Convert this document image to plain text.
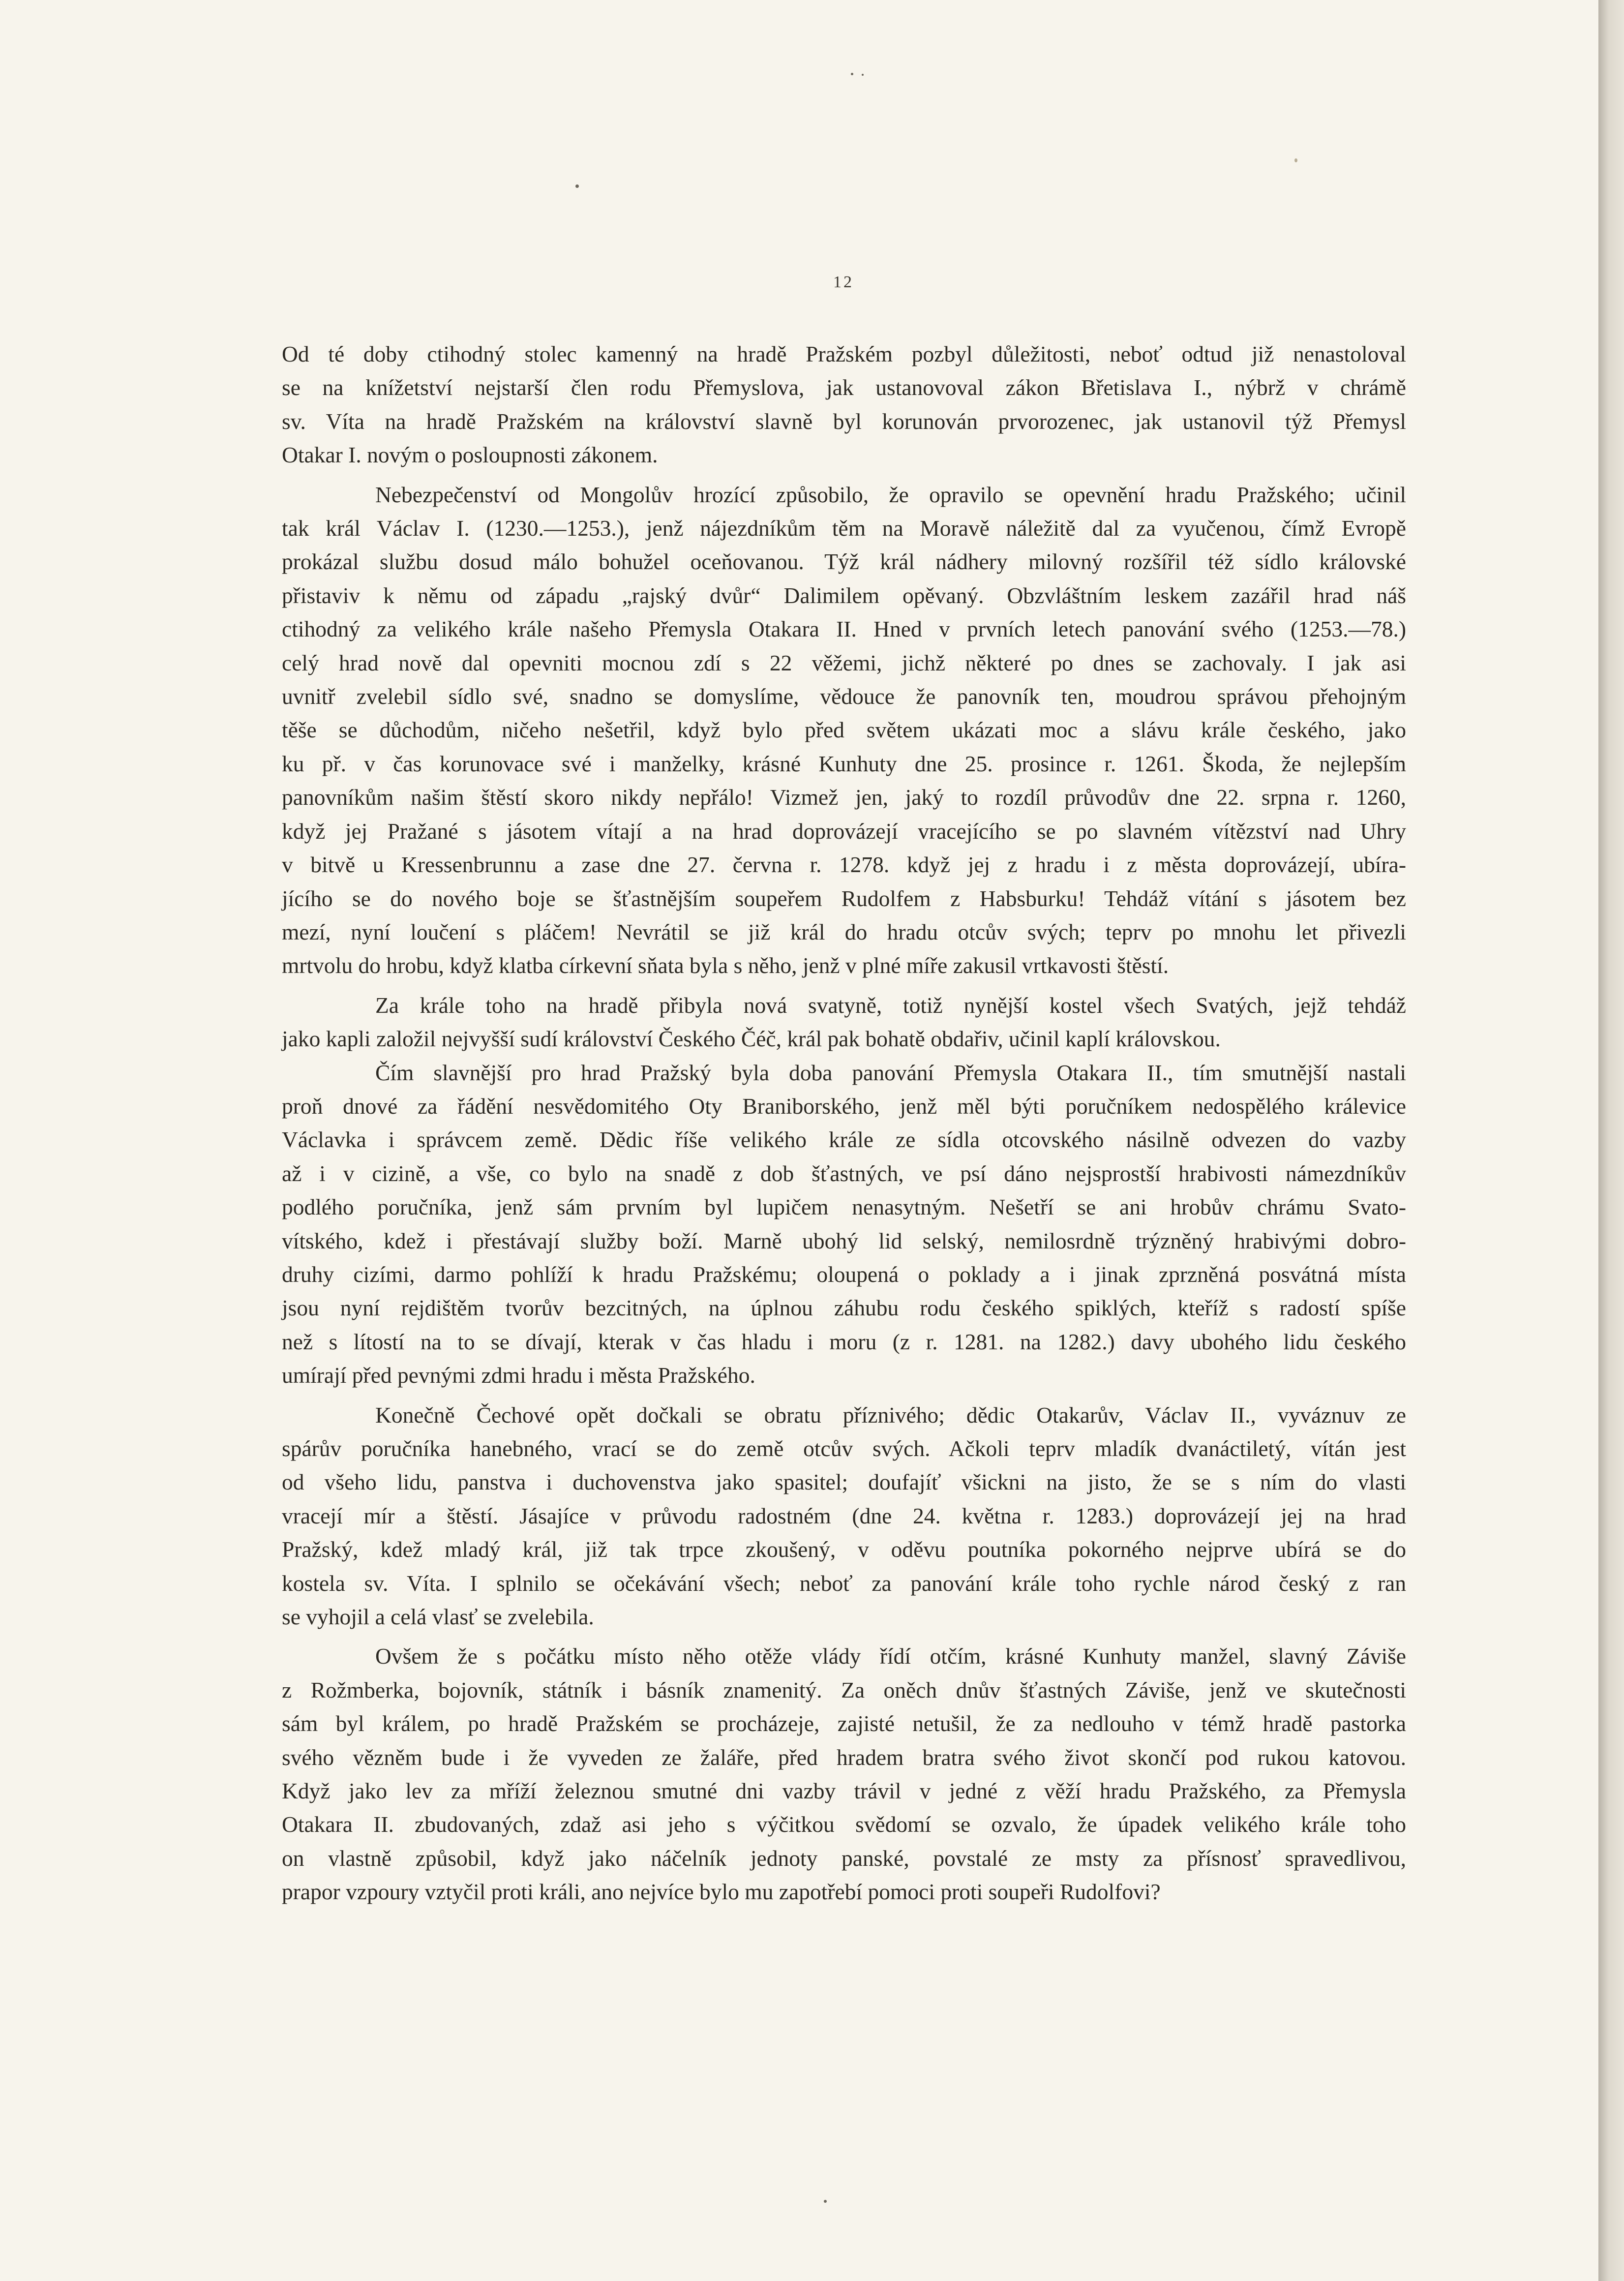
12

Od té doby ctihodný stolec kamenný na hradě Pražském pozbyl důležitosti, neboť odtud již nenastoloval
se na knížetství nejstarší člen rodu Přemyslova, jak ustanovoval zákon Břetislava I., nýbrž v chrámě
sv. Víta na hradě Pražském na království slavně byl korunován prvorozenec, jak ustanovil týž Přemysl
Otakar I. novým o posloupnosti zákonem.

Nebezpečenství od Mongolův hrozící způsobilo, že opravilo se opevnění hradu Pražského; učinil
tak král Václav I. (1230.—1253.), jenž nájezdníkům těm na Moravě náležitě dal za vyučenou, čímž Evropě
prokázal službu dosud málo bohužel oceňovanou. Týž král nádhery milovný rozšířil též sídlo královské
přistaviv k němu od západu „rajský dvůr“ Dalimilem opěvaný. Obzvláštním leskem zazářil hrad náš
ctihodný za velikého krále našeho Přemysla Otakara II. Hned v prvních letech panování svého (1253.—78.)
celý hrad nově dal opevniti mocnou zdí s 22 věžemi, jichž některé po dnes se zachovaly. I jak asi
uvnitř zvelebil sídlo své, snadno se domyslíme, vědouce že panovník ten, moudrou správou přehojným
těše se důchodům, ničeho nešetřil, když bylo před světem ukázati moc a slávu krále českého, jako
ku př. v čas korunovace své i manželky, krásné Kunhuty dne 25. prosince r. 1261. Škoda, že nejlepším
panovníkům našim štěstí skoro nikdy nepřálo! Vizmež jen, jaký to rozdíl průvodův dne 22. srpna r. 1260,
když jej Pražané s jásotem vítají a na hrad doprovázejí vracejícího se po slavném vítězství nad Uhry
v bitvě u Kressenbrunnu a zase dne 27. června r. 1278. když jej z hradu i z města doprovázejí, ubíra-
jícího se do nového boje se šťastnějším soupeřem Rudolfem z Habsburku! Tehdáž vítání s jásotem bez
mezí, nyní loučení s pláčem! Nevrátil se již král do hradu otcův svých; teprv po mnohu let přivezli
mrtvolu do hrobu, když klatba církevní sňata byla s něho, jenž v plné míře zakusil vrtkavosti štěstí.

Za krále toho na hradě přibyla nová svatyně, totiž nynější kostel všech Svatých, jejž tehdáž
jako kapli založil nejvyšší sudí království Českého Čéč, král pak bohatě obdařiv, učinil kaplí královskou.

Čím slavnější pro hrad Pražský byla doba panování Přemysla Otakara II., tím smutnější nastali
proň dnové za řádění nesvědomitého Oty Braniborského, jenž měl býti poručníkem nedospělého králevice
Václavka i správcem země. Dědic říše velikého krále ze sídla otcovského násilně odvezen do vazby
až i v cizině, a vše, co bylo na snadě z dob šťastných, ve psí dáno nejsprostší hrabivosti námezdníkův
podlého poručníka, jenž sám prvním byl lupičem nenasytným. Nešetří se ani hrobův chrámu Svato-
vítského, kdež i přestávají služby boží. Marně ubohý lid selský, nemilosrdně trýzněný hrabivými dobro-
druhy cizími, darmo pohlíží k hradu Pražskému; oloupená o poklady a i jinak zprzněná posvátná místa
jsou nyní rejdištěm tvorův bezcitných, na úplnou záhubu rodu českého spiklých, kteříž s radostí spíše
než s lítostí na to se dívají, kterak v čas hladu i moru (z r. 1281. na 1282.) davy ubohého lidu českého
umírají před pevnými zdmi hradu i města Pražského.

Konečně Čechové opět dočkali se obratu příznivého; dědic Otakarův, Václav II., vyváznuv ze
spárův poručníka hanebného, vrací se do země otcův svých. Ačkoli teprv mladík dvanáctiletý, vítán jest
od všeho lidu, panstva i duchovenstva jako spasitel; doufajíť všickni na jisto, že se s ním do vlasti
vracejí mír a štěstí. Jásajíce v průvodu radostném (dne 24. května r. 1283.) doprovázejí jej na hrad
Pražský, kdež mladý král, již tak trpce zkoušený, v oděvu poutníka pokorného nejprve ubírá se do
kostela sv. Víta. I splnilo se očekávání všech; neboť za panování krále toho rychle národ český z ran
se vyhojil a celá vlasť se zvelebila.

Ovšem že s počátku místo něho otěže vlády řídí otčím, krásné Kunhuty manžel, slavný Záviše
z Rožmberka, bojovník, státník i básník znamenitý. Za oněch dnův šťastných Záviše, jenž ve skutečnosti
sám byl králem, po hradě Pražském se procházeje, zajisté netušil, že za nedlouho v témž hradě pastorka
svého vězněm bude i že vyveden ze žaláře, před hradem bratra svého život skončí pod rukou katovou.
Když jako lev za mříží železnou smutné dni vazby trávil v jedné z věží hradu Pražského, za Přemysla
Otakara II. zbudovaných, zdaž asi jeho s výčitkou svědomí se ozvalo, že úpadek velikého krále toho
on vlastně způsobil, když jako náčelník jednoty panské, povstalé ze msty za přísnosť spravedlivou,
prapor vzpoury vztyčil proti králi, ano nejvíce bylo mu zapotřebí pomoci proti soupeři Rudolfovi?
